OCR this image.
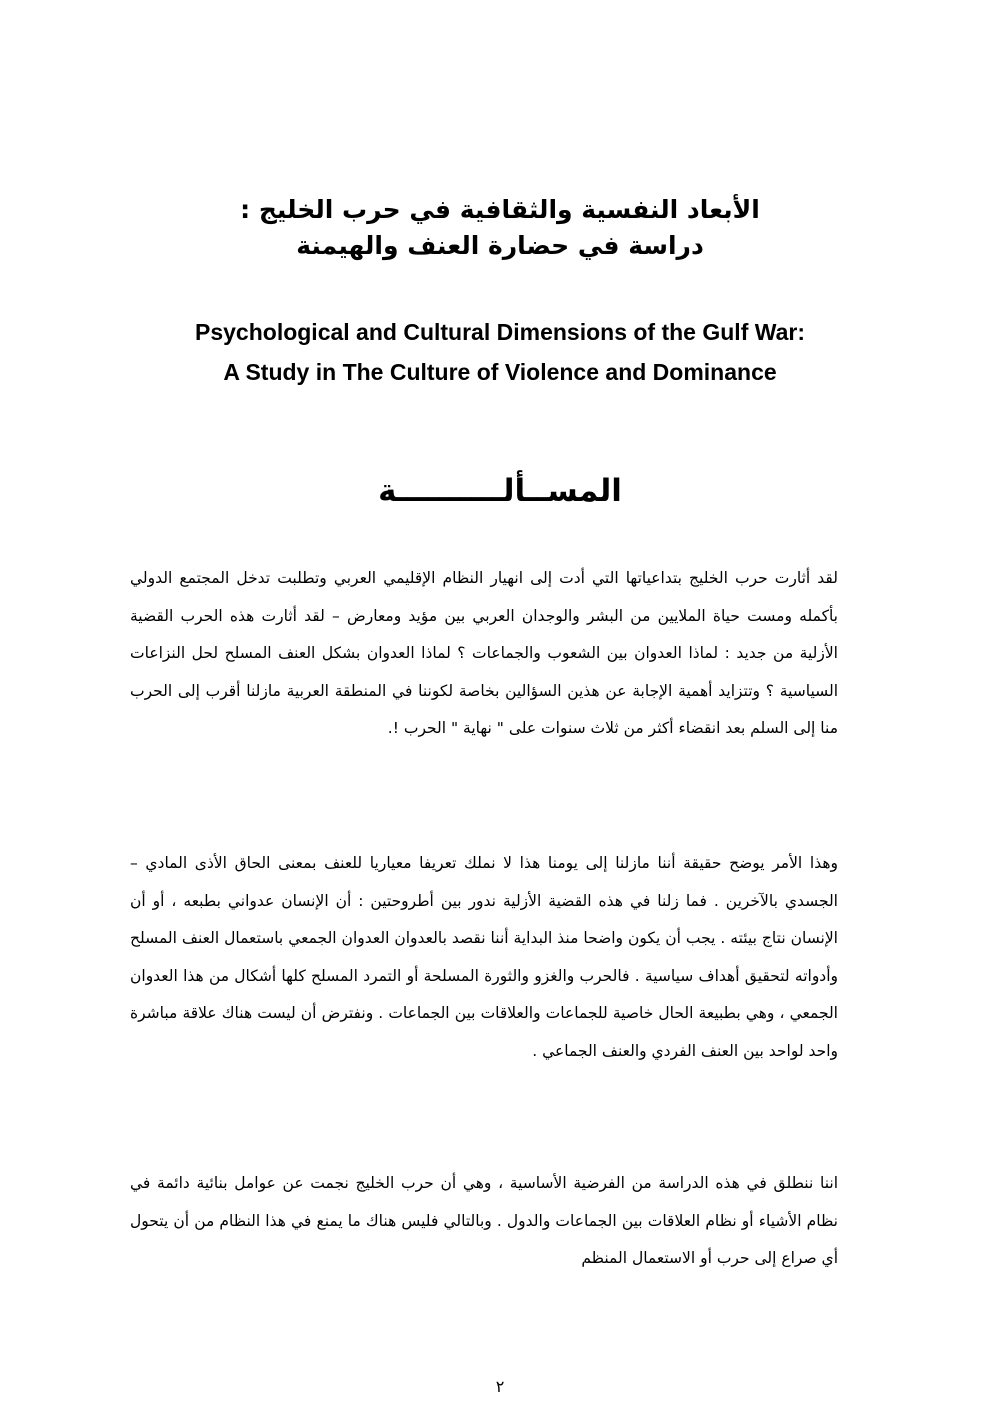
الأبعاد النفسية والثقافية في حرب الخليج :
دراسة في حضارة العنف والهيمنة
Psychological and Cultural Dimensions of the Gulf War:
A Study in The Culture of Violence and Dominance
المســألــــــــــة

لقد أثارت حرب الخليج بتداعياتها التي أدت إلى انهيار النظام الإقليمي العربي وتطلبت تدخل المجتمع الدولي بأكمله ومست حياة الملايين من البشر والوجدان العربي بين مؤيد ومعارض – لقد أثارت هذه الحرب القضية الأزلية من جديد : لماذا العدوان بين الشعوب والجماعات ؟ لماذا العدوان بشكل العنف المسلح لحل النزاعات السياسية ؟ وتتزايد أهمية الإجابة عن هذين السؤالين بخاصة لكوننا في المنطقة العربية مازلنا أقرب إلى الحرب منا إلى السلم بعد انقضاء أكثر من ثلاث سنوات على " نهاية " الحرب !.

وهذا الأمر يوضح حقيقة أننا مازلنا إلى يومنا هذا لا نملك تعريفا معياريا للعنف بمعنى الحاق الأذى المادي – الجسدي بالآخرين . فما زلنا في هذه القضية الأزلية ندور بين أطروحتين : أن الإنسان عدواني بطبعه ، أو أن الإنسان نتاج بيئته . يجب أن يكون واضحا منذ البداية أننا نقصد بالعدوان العدوان الجمعي باستعمال العنف المسلح وأدواته لتحقيق أهداف سياسية . فالحرب والغزو والثورة المسلحة أو التمرد المسلح كلها أشكال من هذا العدوان الجمعي ، وهي بطبيعة الحال خاصية للجماعات والعلاقات بين الجماعات . ونفترض أن ليست هناك علاقة مباشرة واحد لواحد بين العنف الفردي والعنف الجماعي .

اننا ننطلق في هذه الدراسة من الفرضية الأساسية ، وهي أن حرب الخليج نجمت عن عوامل بنائية دائمة في نظام الأشياء أو نظام العلاقات بين الجماعات والدول . وبالتالي فليس هناك ما يمنع في هذا النظام من أن يتحول أي صراع إلى حرب أو الاستعمال المنظم

٢
